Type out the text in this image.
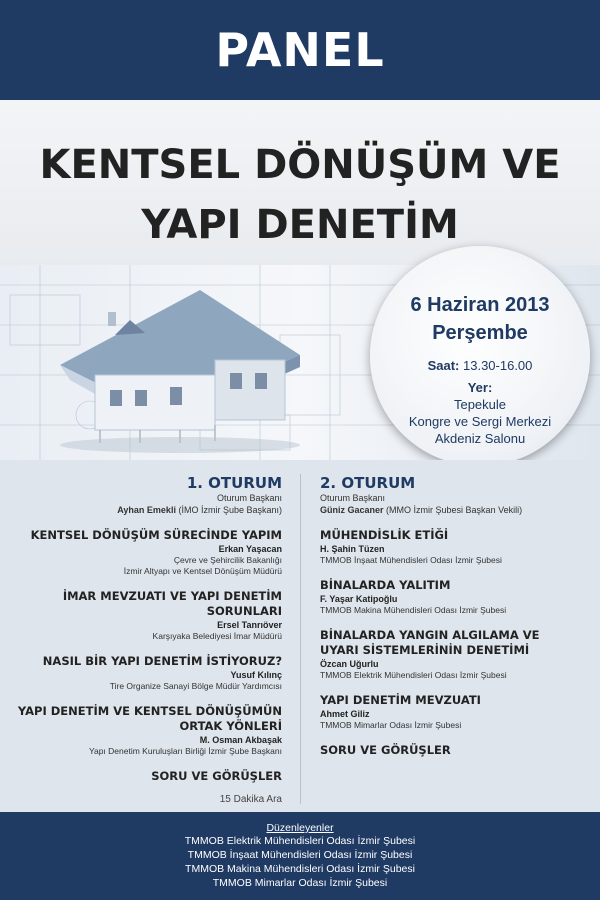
PANEL
KENTSEL DÖNÜŞÜM VE
YAPI DENETİM
6 Haziran 2013
Perşembe
Saat: 13.30-16.00
Yer:
Tepekule
Kongre ve Sergi Merkezi
Akdeniz Salonu
1. OTURUM
Oturum Başkanı
Ayhan Emekli (İMO İzmir Şube Başkanı)
KENTSEL DÖNÜŞÜM SÜRECİNDE YAPIM
Erkan Yaşacan
Çevre ve Şehircilik Bakanlığı
İzmir Altyapı ve Kentsel Dönüşüm Müdürü
İMAR MEVZUATI VE YAPI DENETİM SORUNLARI
Ersel Tanrıöver
Karşıyaka Belediyesi İmar Müdürü
NASIL BİR YAPI DENETİM İSTİYORUZ?
Yusuf Kılınç
Tire Organize Sanayi Bölge Müdür Yardımcısı
YAPI DENETİM VE KENTSEL DÖNÜŞÜMÜN
ORTAK YÖNLERİ
M. Osman Akbaşak
Yapı Denetim Kuruluşları Birliği İzmir Şube Başkanı
SORU VE GÖRÜŞLER
15 Dakika Ara
2. OTURUM
Oturum Başkanı
Güniz Gacaner (MMO İzmir Şubesi Başkan Vekili)
MÜHENDİSLİK ETİĞİ
H. Şahin Tüzen
TMMOB İnşaat Mühendisleri Odası İzmir Şubesi
BİNALARDA YALITIM
F. Yaşar Katipoğlu
TMMOB Makina Mühendisleri Odası İzmir Şubesi
BİNALARDA YANGIN ALGILAMA VE
UYARI SİSTEMLERİNİN DENETİMİ
Özcan Uğurlu
TMMOB Elektrik Mühendisleri Odası İzmir Şubesi
YAPI DENETİM MEVZUATI
Ahmet Giliz
TMMOB Mimarlar Odası İzmir Şubesi
SORU VE GÖRÜŞLER
Düzenleyenler
TMMOB Elektrik Mühendisleri Odası İzmir Şubesi
TMMOB İnşaat Mühendisleri Odası İzmir Şubesi
TMMOB Makina Mühendisleri Odası İzmir Şubesi
TMMOB Mimarlar Odası İzmir Şubesi
